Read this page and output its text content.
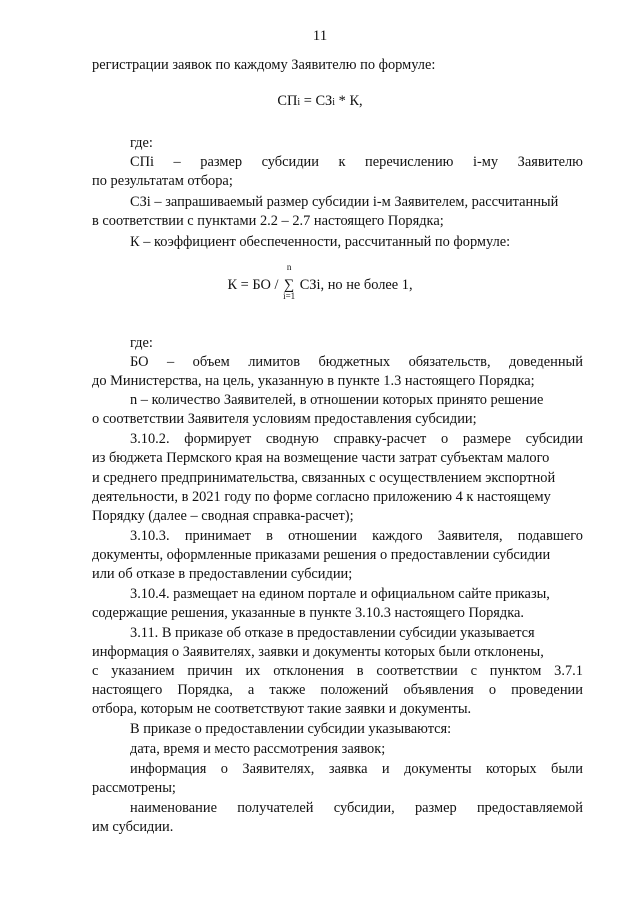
11
регистрации заявок по каждому Заявителю по формуле:
где:
СПi – размер субсидии к перечислению i-му Заявителю
по результатам отбора;
СЗi – запрашиваемый размер субсидии i-м Заявителем, рассчитанный
в соответствии с пунктами 2.2 – 2.7 настоящего Порядка;
К – коэффициент обеспеченности, рассчитанный по формуле:
где:
БО – объем лимитов бюджетных обязательств, доведенный
до Министерства, на цель, указанную в пункте 1.3 настоящего Порядка;
n – количество Заявителей, в отношении которых принято решение
о соответствии Заявителя условиям предоставления субсидии;
3.10.2. формирует сводную справку-расчет о размере субсидии
из бюджета Пермского края на возмещение части затрат субъектам малого
и среднего предпринимательства, связанных с осуществлением экспортной
деятельности, в 2021 году по форме согласно приложению 4 к настоящему
Порядку (далее – сводная справка-расчет);
3.10.3. принимает в отношении каждого Заявителя, подавшего
документы, оформленные приказами решения о предоставлении субсидии
или об отказе в предоставлении субсидии;
3.10.4. размещает на едином портале и официальном сайте приказы,
содержащие решения, указанные в пункте 3.10.3 настоящего Порядка.
3.11. В приказе об отказе в предоставлении субсидии указывается
информация о Заявителях, заявки и документы которых были отклонены,
с указанием причин их отклонения в соответствии с пунктом 3.7.1
настоящего Порядка, а также положений объявления о проведении
отбора, которым не соответствуют такие заявки и документы.
В приказе о предоставлении субсидии указываются:
дата, время и место рассмотрения заявок;
информация о Заявителях, заявка и документы которых были
рассмотрены;
наименование получателей субсидии, размер предоставляемой
им субсидии.
СПi = СЗi * К,
К = БО /
n
∑
i=1
СЗi, но не более 1,
